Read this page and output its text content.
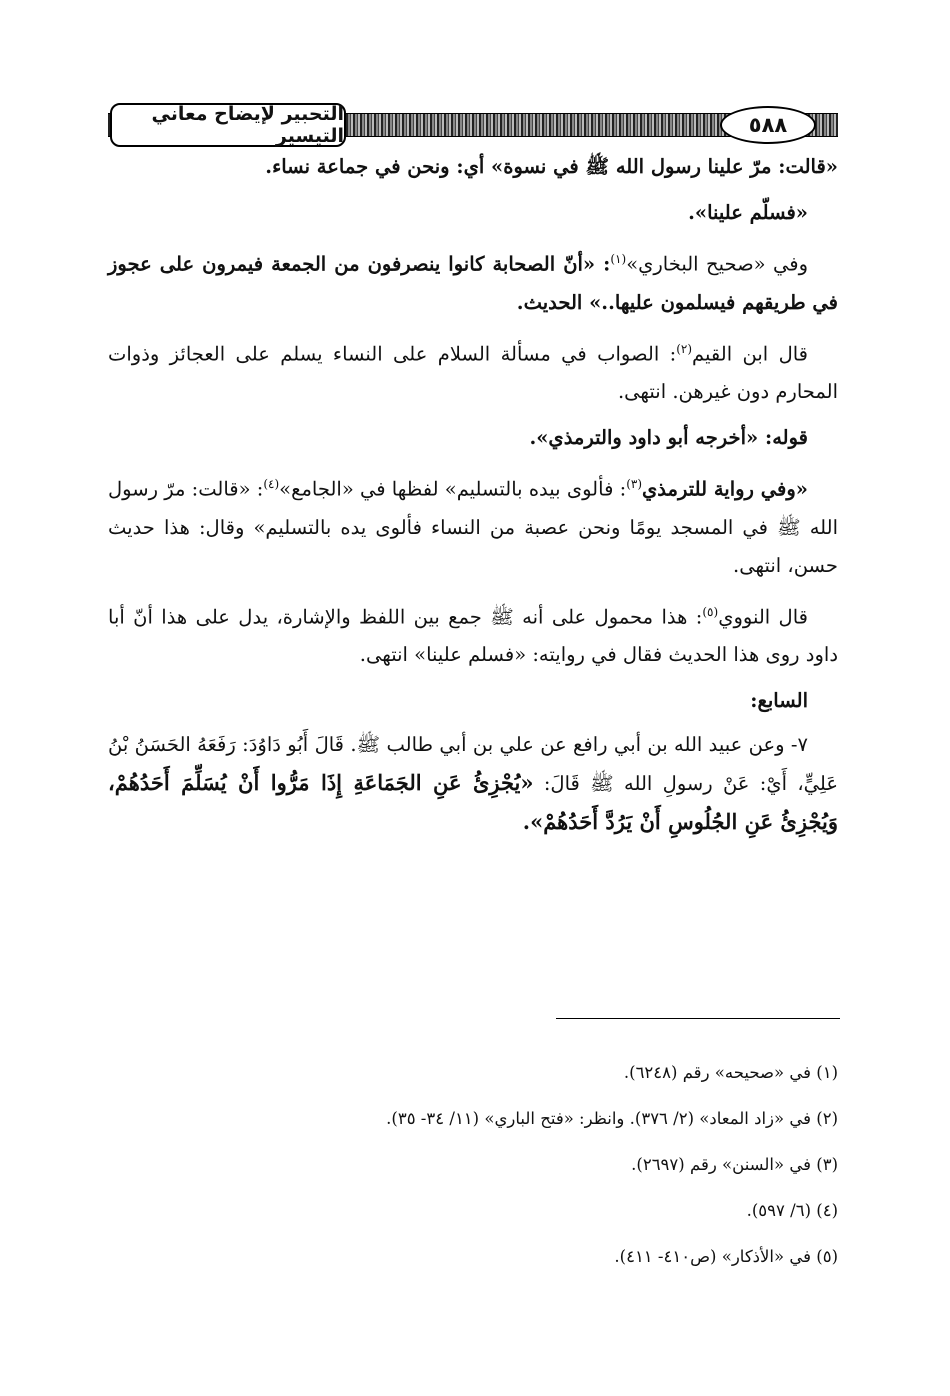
التحبير لإيضاح معاني التيسير	٥٨٨

«قالت: مرّ علينا رسول الله ﷺ في نسوة» أي: ونحن في جماعة نساء.

«فسلّم علينا».

وفي «صحيح البخاري»$^{(١)}$: «أنّ الصحابة كانوا ينصرفون من الجمعة فيمرون على عجوز في طريقهم فيسلمون عليها..» الحديث.

قال ابن القيم$^{(٢)}$: الصواب في مسألة السلام على النساء يسلم على العجائز وذوات المحارم دون غيرهن. انتهى.

قوله: «أخرجه أبو داود والترمذي».

«وفي رواية للترمذي$^{(٣)}$: فألوى بيده بالتسليم» لفظها في «الجامع»$^{(٤)}$: «قالت: مرّ رسول الله ﷺ في المسجد يومًا ونحن عصبة من النساء فألوى يده بالتسليم» وقال: هذا حديث حسن، انتهى.

قال النووي$^{(٥)}$: هذا محمول على أنه ﷺ جمع بين اللفظ والإشارة، يدل على هذا أنّ أبا داود روى هذا الحديث فقال في روايته: «فسلم علينا» انتهى.

السابع:

٧- وعن عبيد الله بن أبي رافع عن علي بن أبي طالب ﷺ. قَالَ أَبُو دَاوُدَ: رَفَعَهُ الحَسَنُ بْنُ عَلِيٍّ، أَيْ: عَنْ رسولِ الله ﷺ قَالَ: «يُجْزِئُ عَنِ الجَمَاعَةِ إِذَا مَرُّوا أَنْ يُسَلِّمَ أَحَدُهُمْ، وَيُجْزِئُ عَنِ الجُلُوسِ أَنْ يَرُدَّ أَحَدُهُمْ».

(١) في «صحيحه» رقم (٦٢٤٨).

(٢) في «زاد المعاد» (٢/ ٣٧٦). وانظر: «فتح الباري» (١١/ ٣٤- ٣٥).

(٣) في «السنن» رقم (٢٦٩٧).

(٤) (٦/ ٥٩٧).

(٥) في «الأذكار» (ص٤١٠- ٤١١).
